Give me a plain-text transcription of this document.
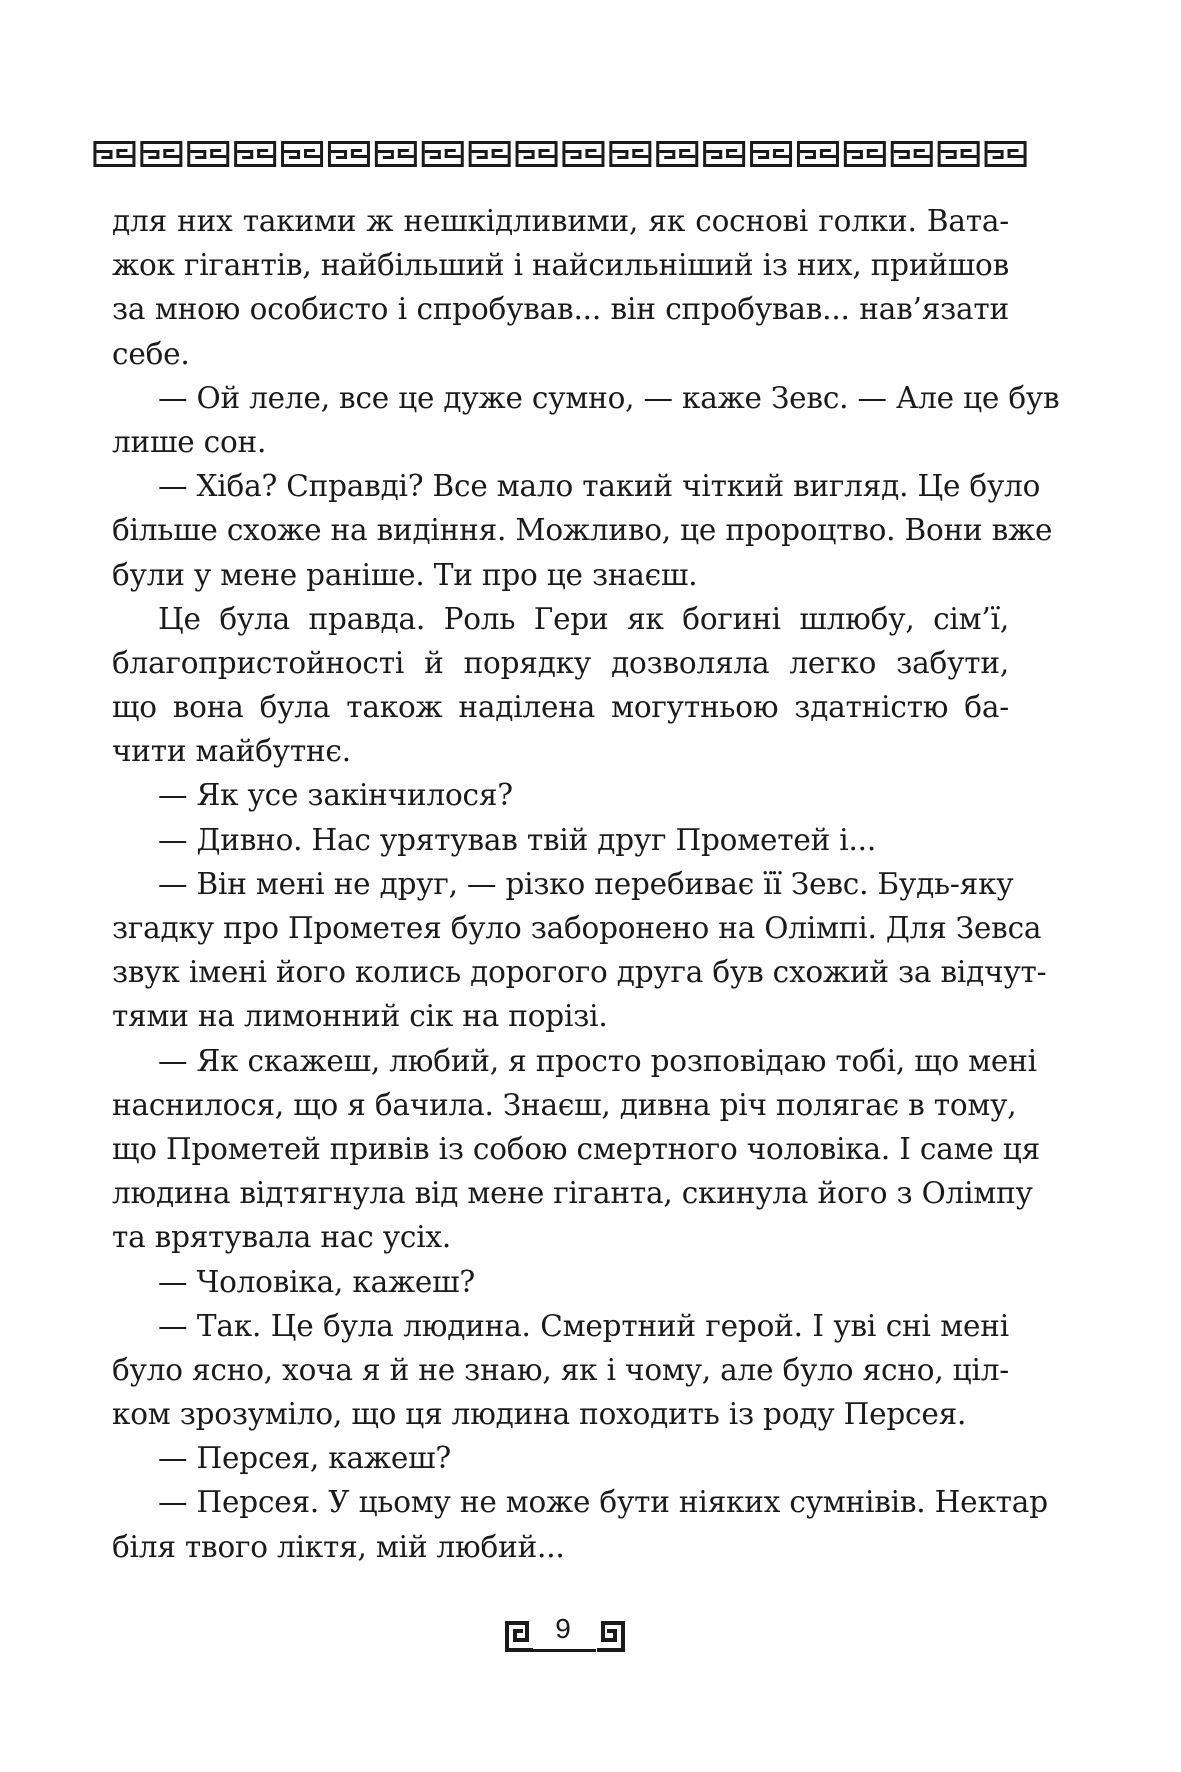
для них такими ж нешкідливими, як соснові голки. Вата-
жок гігантів, найбільший і найсильніший із них, прийшов
за мною особисто і спробував... він спробував... нав’язати
себе.
— Ой леле, все це дуже сумно, — каже Зевс. — Але це був
лише сон.
— Хіба? Справді? Все мало такий чіткий вигляд. Це було
більше схоже на видіння. Можливо, це пророцтво. Вони вже
були у мене раніше. Ти про це знаєш.
Це була правда. Роль Гери як богині шлюбу, сім’ї,
благопристойності й порядку дозволяла легко забути,
що вона була також наділена могутньою здатністю ба-
чити майбутнє.
— Як усе закінчилося?
— Дивно. Нас урятував твій друг Прометей і...
— Він мені не друг, — різко перебиває її Зевс. Будь-яку
згадку про Прометея було заборонено на Олімпі. Для Зевса
звук імені його колись дорогого друга був схожий за відчут-
тями на лимонний сік на порізі.
— Як скажеш, любий, я просто розповідаю тобі, що мені
наснилося, що я бачила. Знаєш, дивна річ полягає в тому,
що Прометей привів із собою смертного чоловіка. І саме ця
людина відтягнула від мене гіганта, скинула його з Олімпу
та врятувала нас усіх.
— Чоловіка, кажеш?
— Так. Це була людина. Смертний герой. І уві сні мені
було ясно, хоча я й не знаю, як і чому, але було ясно, ціл-
ком зрозуміло, що ця людина походить із роду Персея.
— Персея, кажеш?
— Персея. У цьому не може бути ніяких сумнівів. Нектар
біля твого ліктя, мій любий...
9
